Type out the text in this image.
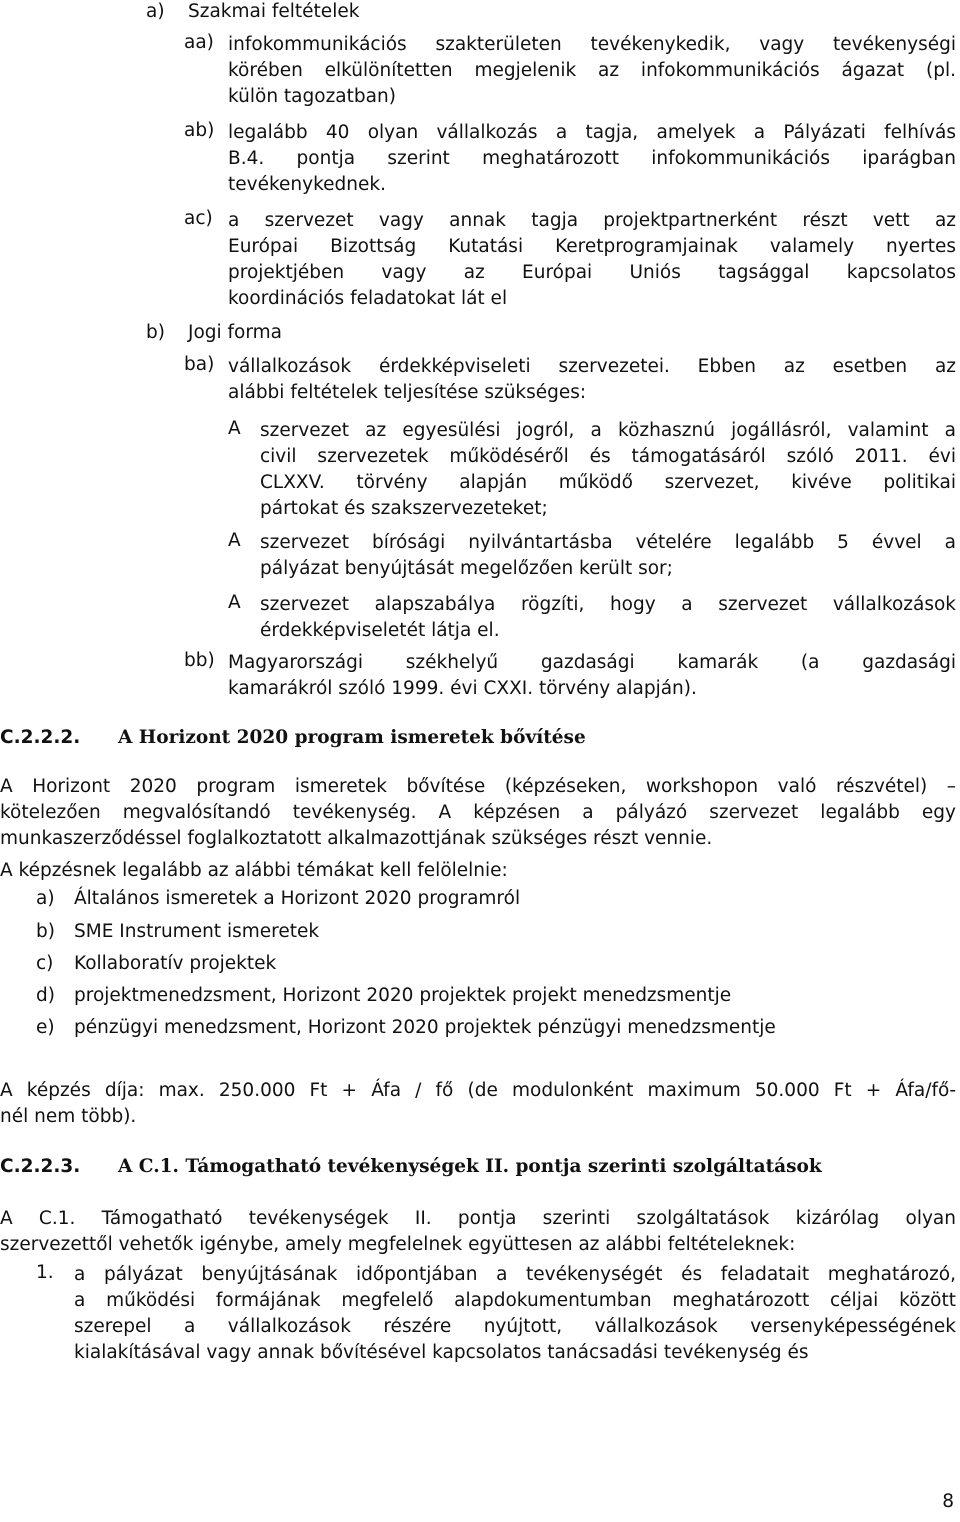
a)	Szakmai feltételek
aa) infokommunikációs szakterületen tevékenykedik, vagy tevékenységi

körében elkülönítetten megjelenik az infokommunikációs ágazat (pl.

külön tagozatban)

ab) legalább 40 olyan vállalkozás a tagja, amelyek a Pályázati felhívás

B.4. pontja szerint meghatározott infokommunikációs iparágban

tevékenykednek.

ac) a szervezet vagy annak tagja projektpartnerként részt vett az

Európai Bizottság Kutatási Keretprogramjainak valamely nyertes

projektjében vagy az Európai Uniós tagsággal kapcsolatos

koordinációs feladatokat lát el

b)	Jogi forma
ba) vállalkozások érdekképviseleti szervezetei. Ebben az esetben az

alábbi feltételek teljesítése szükséges:

A	szervezet az egyesülési jogról, a közhasznú jogállásról, valamint a

civil szervezetek működéséről és támogatásáról szóló 2011. évi

CLXXV. törvény alapján működő szervezet, kivéve politikai

pártokat és szakszervezeteket;

A	szervezet bírósági nyilvántartásba vételére legalább 5 évvel a

pályázat benyújtását megelőzően került sor;

A	szervezet alapszabálya rögzíti, hogy a szervezet vállalkozások

érdekképviseletét látja el.

bb) Magyarországi székhelyű gazdasági kamarák (a gazdasági

kamarákról szóló 1999. évi CXXI. törvény alapján).

C.2.2.2.	A Horizont 2020 program ismeretek bővítése

A Horizont 2020 program ismeretek bővítése (képzéseken, workshopon való részvétel) –

kötelezően megvalósítandó tevékenység. A képzésen a pályázó szervezet legalább egy

munkaszerződéssel foglalkoztatott alkalmazottjának szükséges részt vennie.

A képzésnek legalább az alábbi témákat kell felölelnie:

a)	Általános ismeretek a Horizont 2020 programról
b)	SME Instrument ismeretek
c)	Kollaboratív projektek
d)	projektmenedzsment, Horizont 2020 projektek projekt menedzsmentje
e)	pénzügyi menedzsment, Horizont 2020 projektek pénzügyi menedzsmentje

A képzés díja: max. 250.000 Ft + Áfa / fő (de modulonként maximum 50.000 Ft + Áfa/fő-

nél nem több).

C.2.2.3.	A C.1. Támogatható tevékenységek II. pontja szerinti szolgáltatások

A C.1. Támogatható tevékenységek II. pontja szerinti szolgáltatások kizárólag olyan

szervezettől vehetők igénybe, amely megfelelnek együttesen az alábbi feltételeknek:

1.	a pályázat benyújtásának időpontjában a tevékenységét és feladatait meghatározó,

a működési formájának megfelelő alapdokumentumban meghatározott céljai között

szerepel a vállalkozások részére nyújtott, vállalkozások versenyképességének

kialakításával vagy annak bővítésével kapcsolatos tanácsadási tevékenység és

8
